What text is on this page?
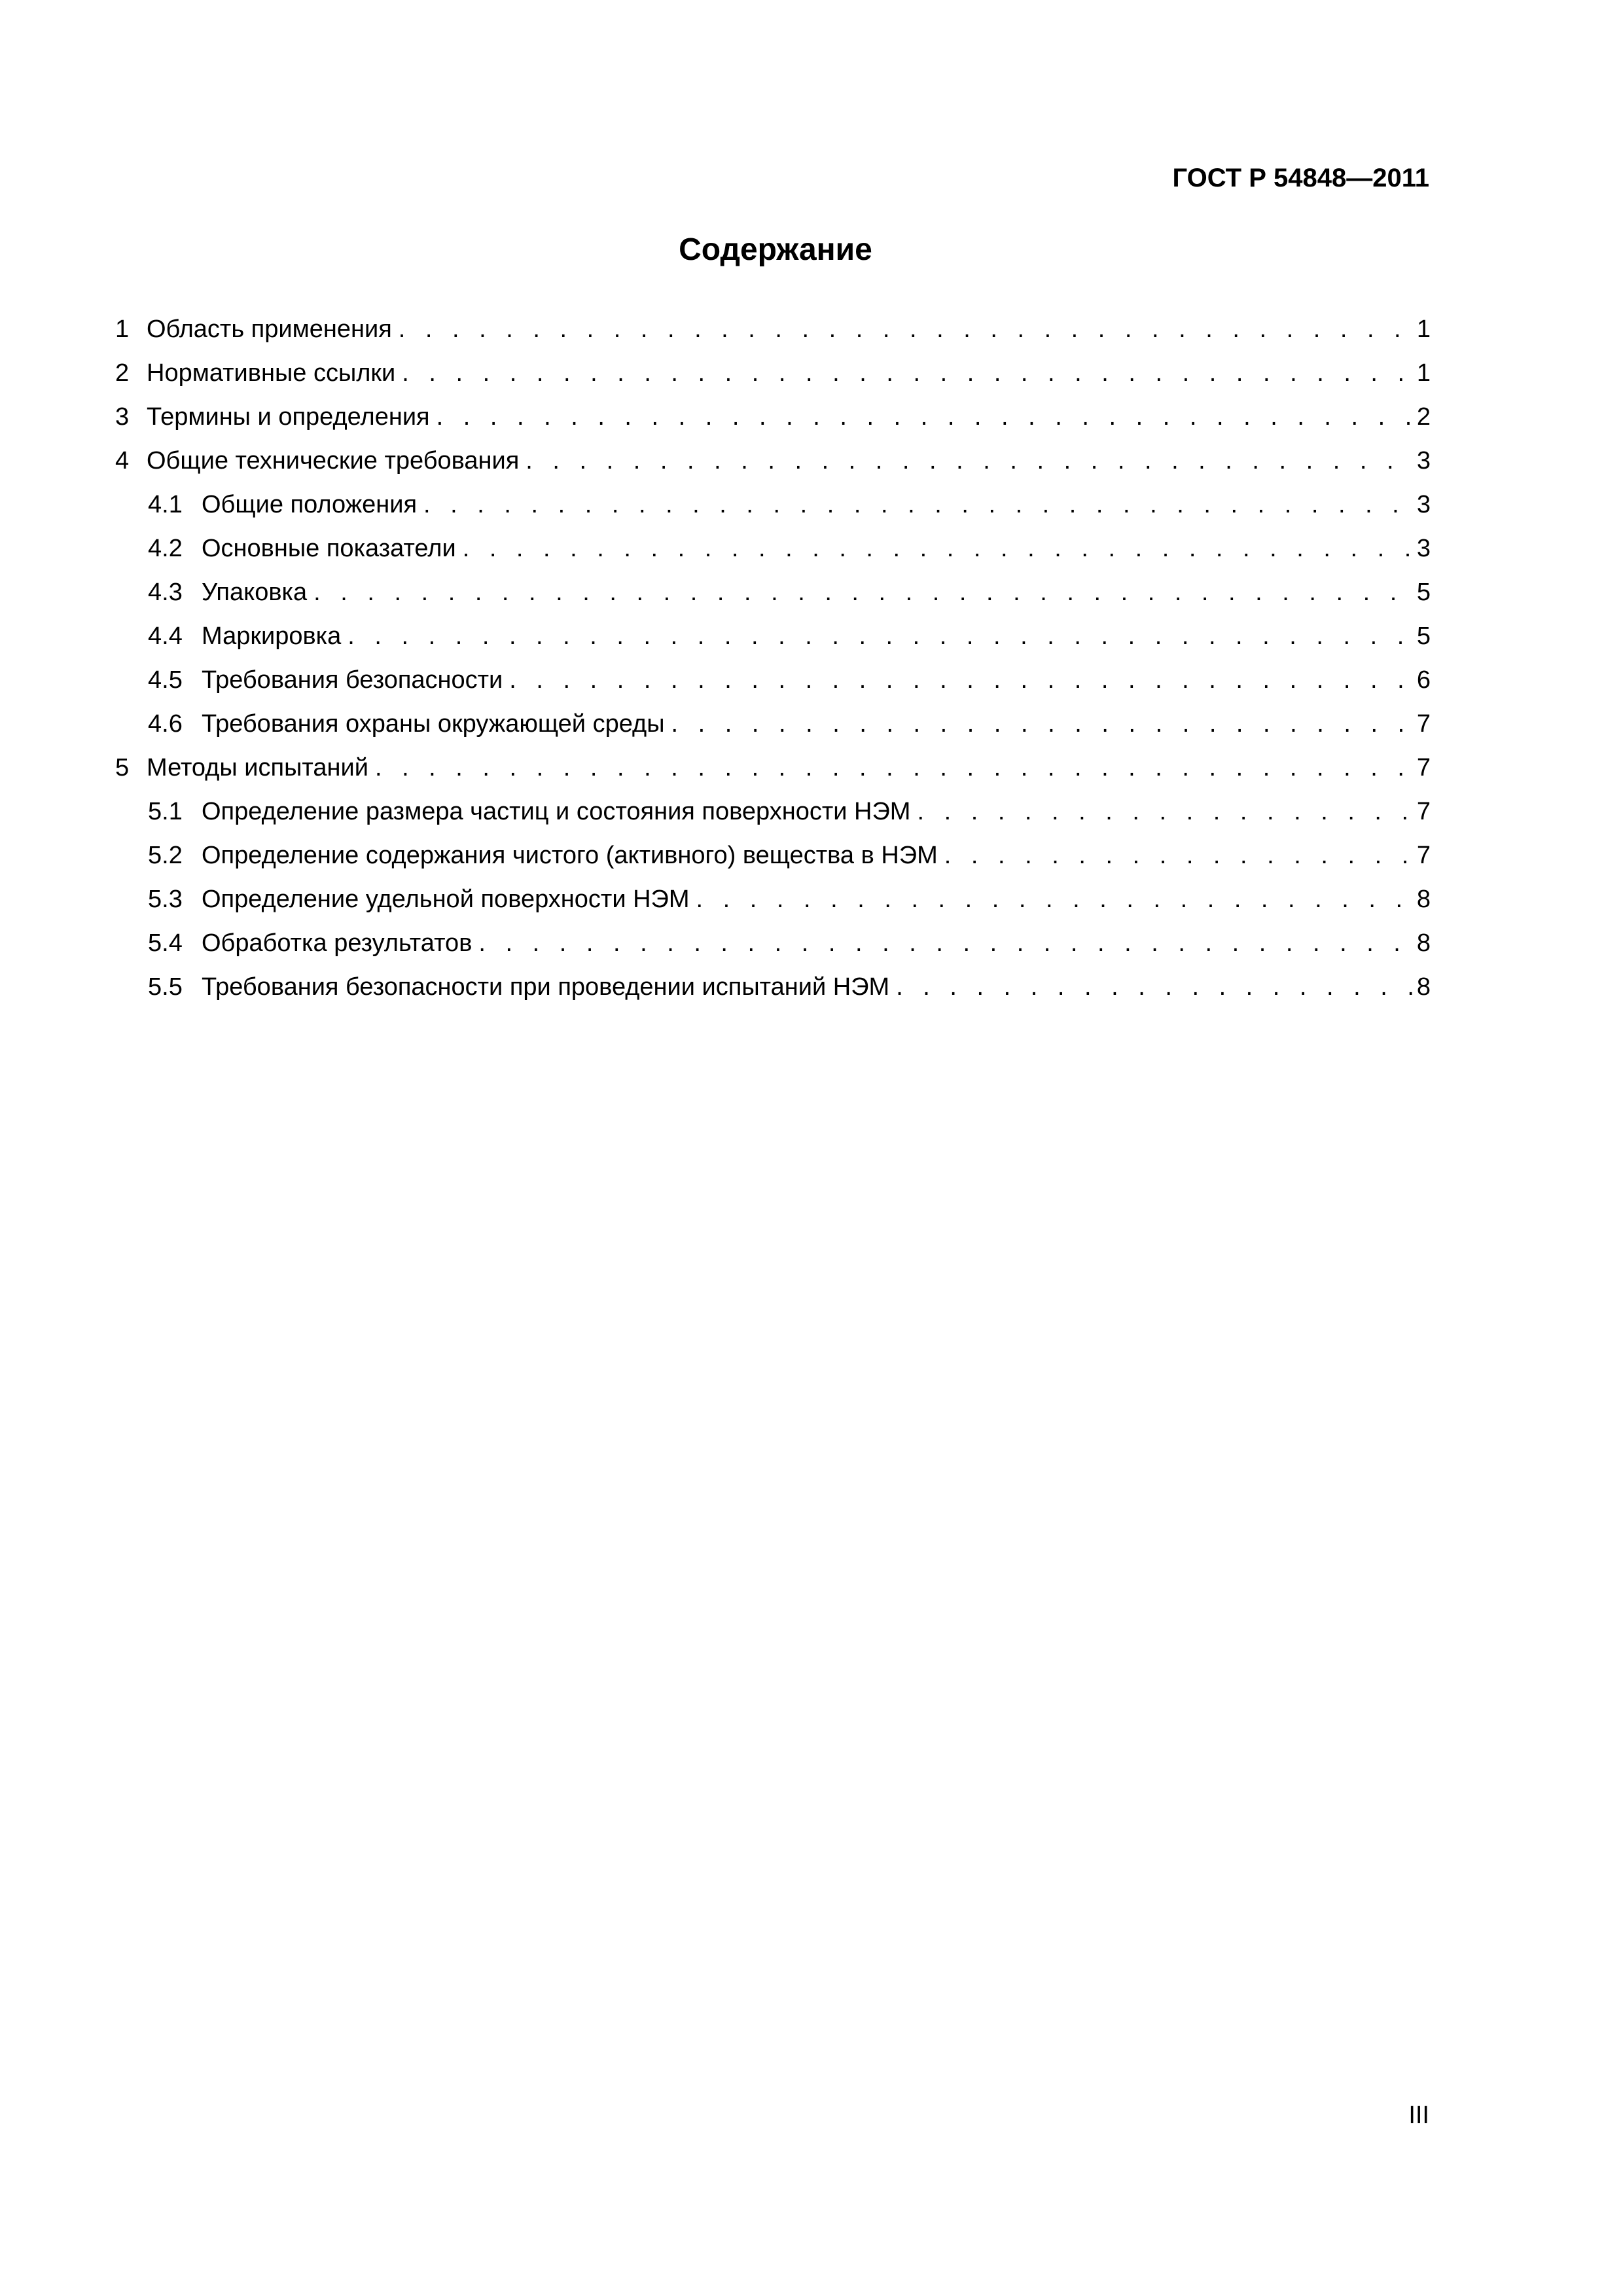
ГОСТ Р 54848—2011
Содержание
1 Область применения . . .	1
2 Нормативные ссылки . . .	1
3 Термины и определения . . .	2
4 Общие технические требования . . .	3
4.1 Общие положения . . .	3
4.2 Основные показатели . . .	3
4.3 Упаковка . . .	5
4.4 Маркировка . . .	5
4.5 Требования безопасности . . .	6
4.6 Требования охраны окружающей среды . . .	7
5 Методы испытаний . . .	7
5.1 Определение размера частиц и состояния поверхности НЭМ . . .	7
5.2 Определение содержания чистого (активного) вещества в НЭМ . . .	7
5.3 Определение удельной поверхности НЭМ . . .	8
5.4 Обработка результатов . . .	8
5.5 Требования безопасности при проведении испытаний НЭМ . . .	8
III
